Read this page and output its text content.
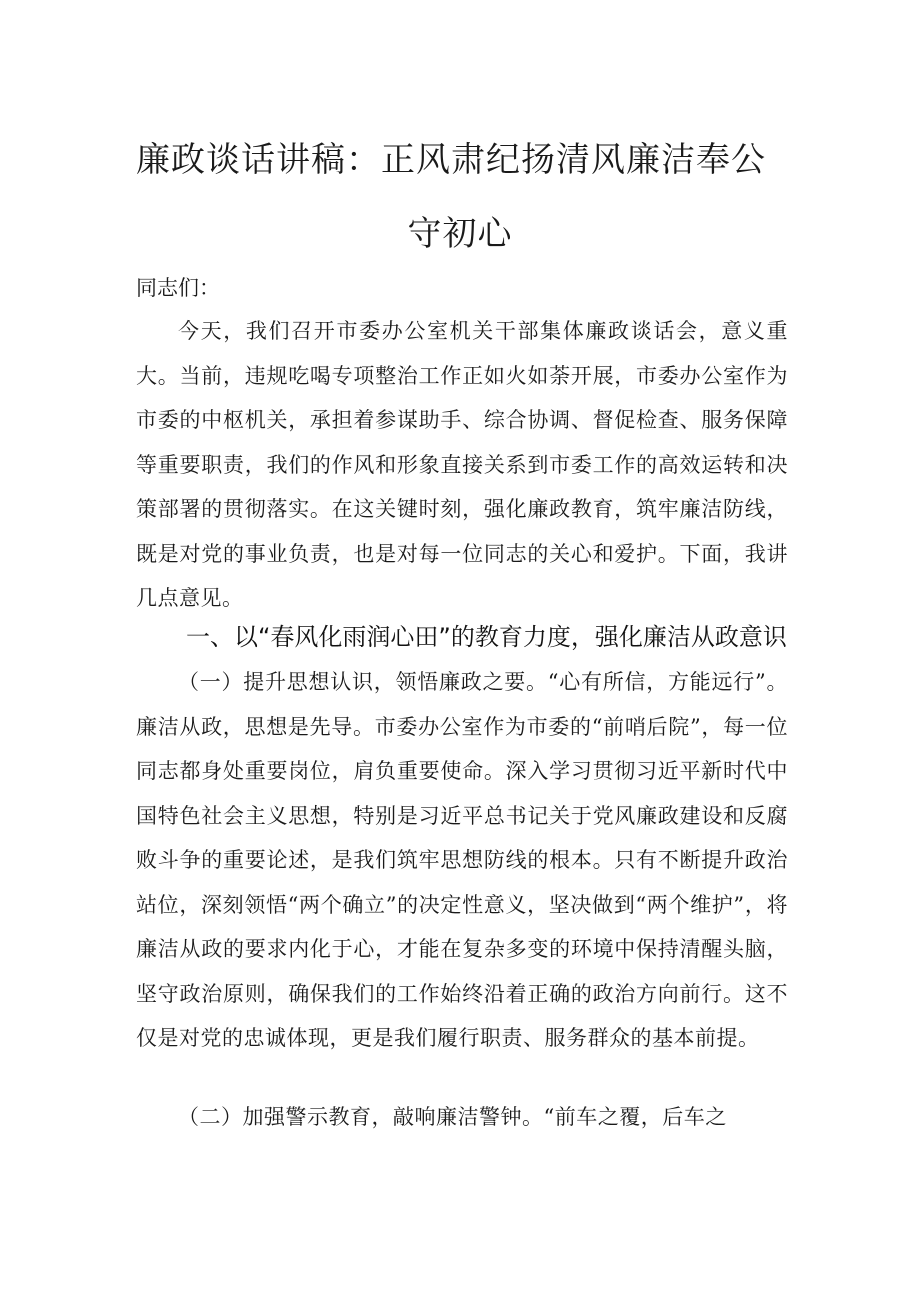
廉政谈话讲稿：正风肃纪扬清风廉洁奉公
守初心
同志们：
今天，我们召开市委办公室机关干部集体廉政谈话会，意义重大。当前，违规吃喝专项整治工作正如火如荼开展，市委办公室作为市委的中枢机关，承担着参谋助手、综合协调、督促检查、服务保障等重要职责，我们的作风和形象直接关系到市委工作的高效运转和决策部署的贯彻落实。在这关键时刻，强化廉政教育，筑牢廉洁防线，既是对党的事业负责，也是对每一位同志的关心和爱护。下面，我讲几点意见。
一、以“春风化雨润心田”的教育力度，强化廉洁从政意识
（一）提升思想认识，领悟廉政之要。“心有所信，方能远行”。廉洁从政，思想是先导。市委办公室作为市委的“前哨后院”，每一位同志都身处重要岗位，肩负重要使命。深入学习贯彻习近平新时代中国特色社会主义思想，特别是习近平总书记关于党风廉政建设和反腐败斗争的重要论述，是我们筑牢思想防线的根本。只有不断提升政治站位，深刻领悟“两个确立”的决定性意义，坚决做到“两个维护”，将廉洁从政的要求内化于心，才能在复杂多变的环境中保持清醒头脑，坚守政治原则，确保我们的工作始终沿着正确的政治方向前行。这不仅是对党的忠诚体现，更是我们履行职责、服务群众的基本前提。
（二）加强警示教育，敲响廉洁警钟。“前车之覆，后车之
